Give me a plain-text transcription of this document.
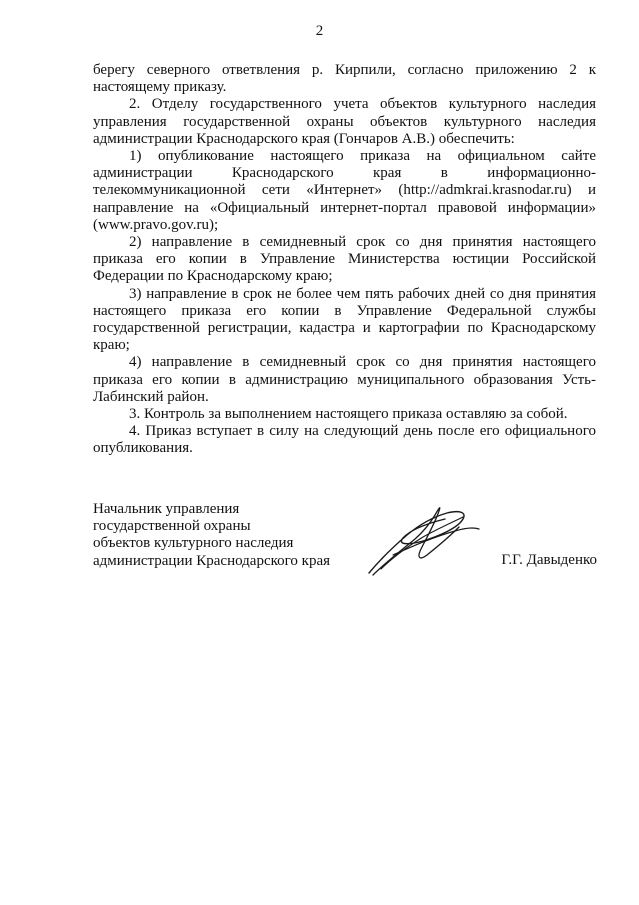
2

берегу северного ответвления р. Кирпили, согласно приложению 2 к настоящему приказу.

2. Отделу государственного учета объектов культурного наследия управления государственной охраны объектов культурного наследия администрации Краснодарского края (Гончаров А.В.) обеспечить:

1) опубликование настоящего приказа на официальном сайте администрации Краснодарского края в информационно-телекоммуникационной сети «Интернет» (http://admkrai.krasnodar.ru) и направление на «Официальный интернет-портал правовой информации» (www.pravo.gov.ru);

2) направление в семидневный срок со дня принятия настоящего приказа его копии в Управление Министерства юстиции Российской Федерации по Краснодарскому краю;

3) направление в срок не более чем пять рабочих дней со дня принятия настоящего приказа его копии в Управление Федеральной службы государственной регистрации, кадастра и картографии по Краснодарскому краю;

4) направление в семидневный срок со дня принятия настоящего приказа его копии в администрацию муниципального образования Усть-Лабинский район.

3. Контроль за выполнением настоящего приказа оставляю за собой.

4. Приказ вступает в силу на следующий день после его официального опубликования.

Начальник управления
государственной охраны
объектов культурного наследия
администрации Краснодарского края	Г.Г. Давыденко
